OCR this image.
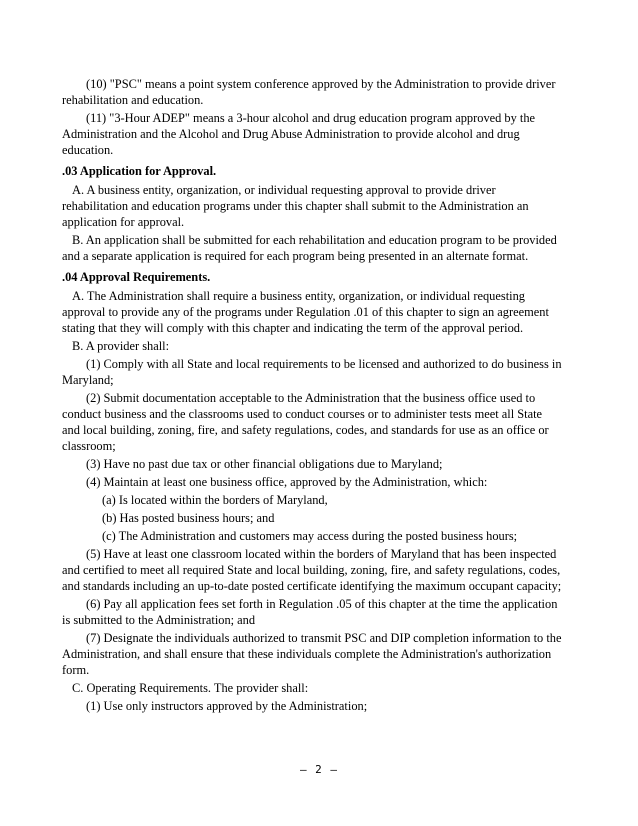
(10) "PSC" means a point system conference approved by the Administration to provide driver rehabilitation and education.

(11) "3-Hour ADEP" means a 3-hour alcohol and drug education program approved by the Administration and the Alcohol and Drug Abuse Administration to provide alcohol and drug education.

.03 Application for Approval.

A. A business entity, organization, or individual requesting approval to provide driver rehabilitation and education programs under this chapter shall submit to the Administration an application for approval.

B. An application shall be submitted for each rehabilitation and education program to be provided and a separate application is required for each program being presented in an alternate format.

.04 Approval Requirements.

A. The Administration shall require a business entity, organization, or individual requesting approval to provide any of the programs under Regulation .01 of this chapter to sign an agreement stating that they will comply with this chapter and indicating the term of the approval period.

B. A provider shall:

(1) Comply with all State and local requirements to be licensed and authorized to do business in Maryland;

(2) Submit documentation acceptable to the Administration that the business office used to conduct business and the classrooms used to conduct courses or to administer tests meet all State and local building, zoning, fire, and safety regulations, codes, and standards for use as an office or classroom;

(3) Have no past due tax or other financial obligations due to Maryland;

(4) Maintain at least one business office, approved by the Administration, which:

(a) Is located within the borders of Maryland,

(b) Has posted business hours; and

(c) The Administration and customers may access during the posted business hours;

(5) Have at least one classroom located within the borders of Maryland that has been inspected and certified to meet all required State and local building, zoning, fire, and safety regulations, codes, and standards including an up-to-date posted certificate identifying the maximum occupant capacity;

(6) Pay all application fees set forth in Regulation .05 of this chapter at the time the application is submitted to the Administration; and

(7) Designate the individuals authorized to transmit PSC and DIP completion information to the Administration, and shall ensure that these individuals complete the Administration's authorization form.

C. Operating Requirements. The provider shall:

(1) Use only instructors approved by the Administration;

– 2 –
